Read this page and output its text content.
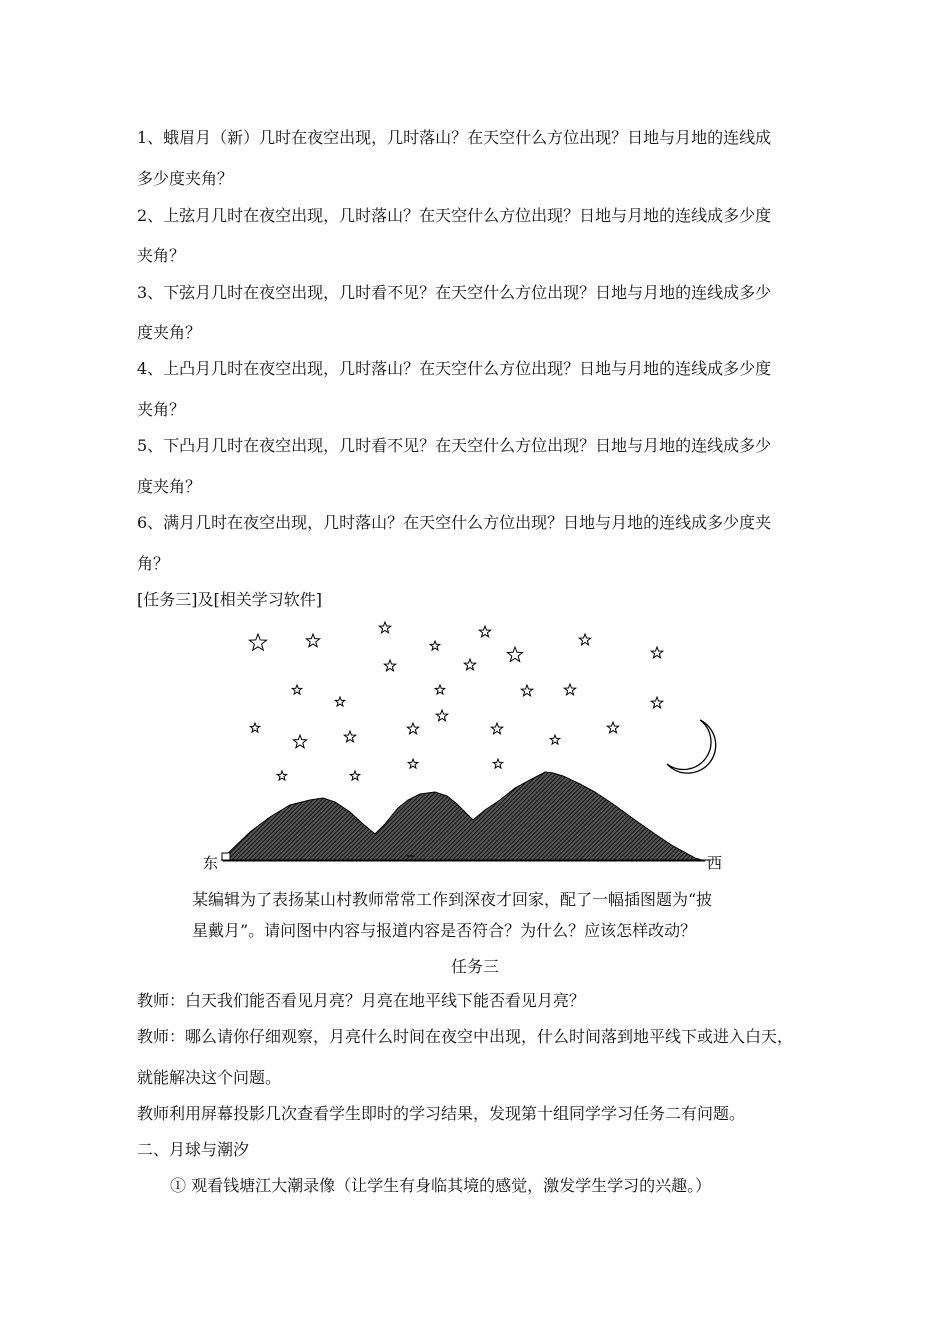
1、蛾眉月（新）几时在夜空出现，几时落山？在天空什么方位出现？日地与月地的连线成
多少度夹角？
2、上弦月几时在夜空出现，几时落山？在天空什么方位出现？日地与月地的连线成多少度
夹角？
3、下弦月几时在夜空出现，几时看不见？在天空什么方位出现？日地与月地的连线成多少
度夹角？
4、上凸月几时在夜空出现，几时落山？在天空什么方位出现？日地与月地的连线成多少度
夹角？
5、下凸月几时在夜空出现，几时看不见？在天空什么方位出现？日地与月地的连线成多少
度夹角？
6、满月几时在夜空出现，几时落山？在天空什么方位出现？日地与月地的连线成多少度夹
角？
[任务三]及[相关学习软件]
东	西
某编辑为了表扬某山村教师常常工作到深夜才回家，配了一幅插图题为“披
星戴月”。请问图中内容与报道内容是否符合？为什么？应该怎样改动？
任务三
教师：白天我们能否看见月亮？月亮在地平线下能否看见月亮？
教师：哪么请你仔细观察，月亮什么时间在夜空中出现，什么时间落到地平线下或进入白天，
就能解决这个问题。
教师利用屏幕投影几次查看学生即时的学习结果，发现第十组同学学习任务二有问题。
二、月球与潮汐
① 观看钱塘江大潮录像（让学生有身临其境的感觉，激发学生学习的兴趣。）
